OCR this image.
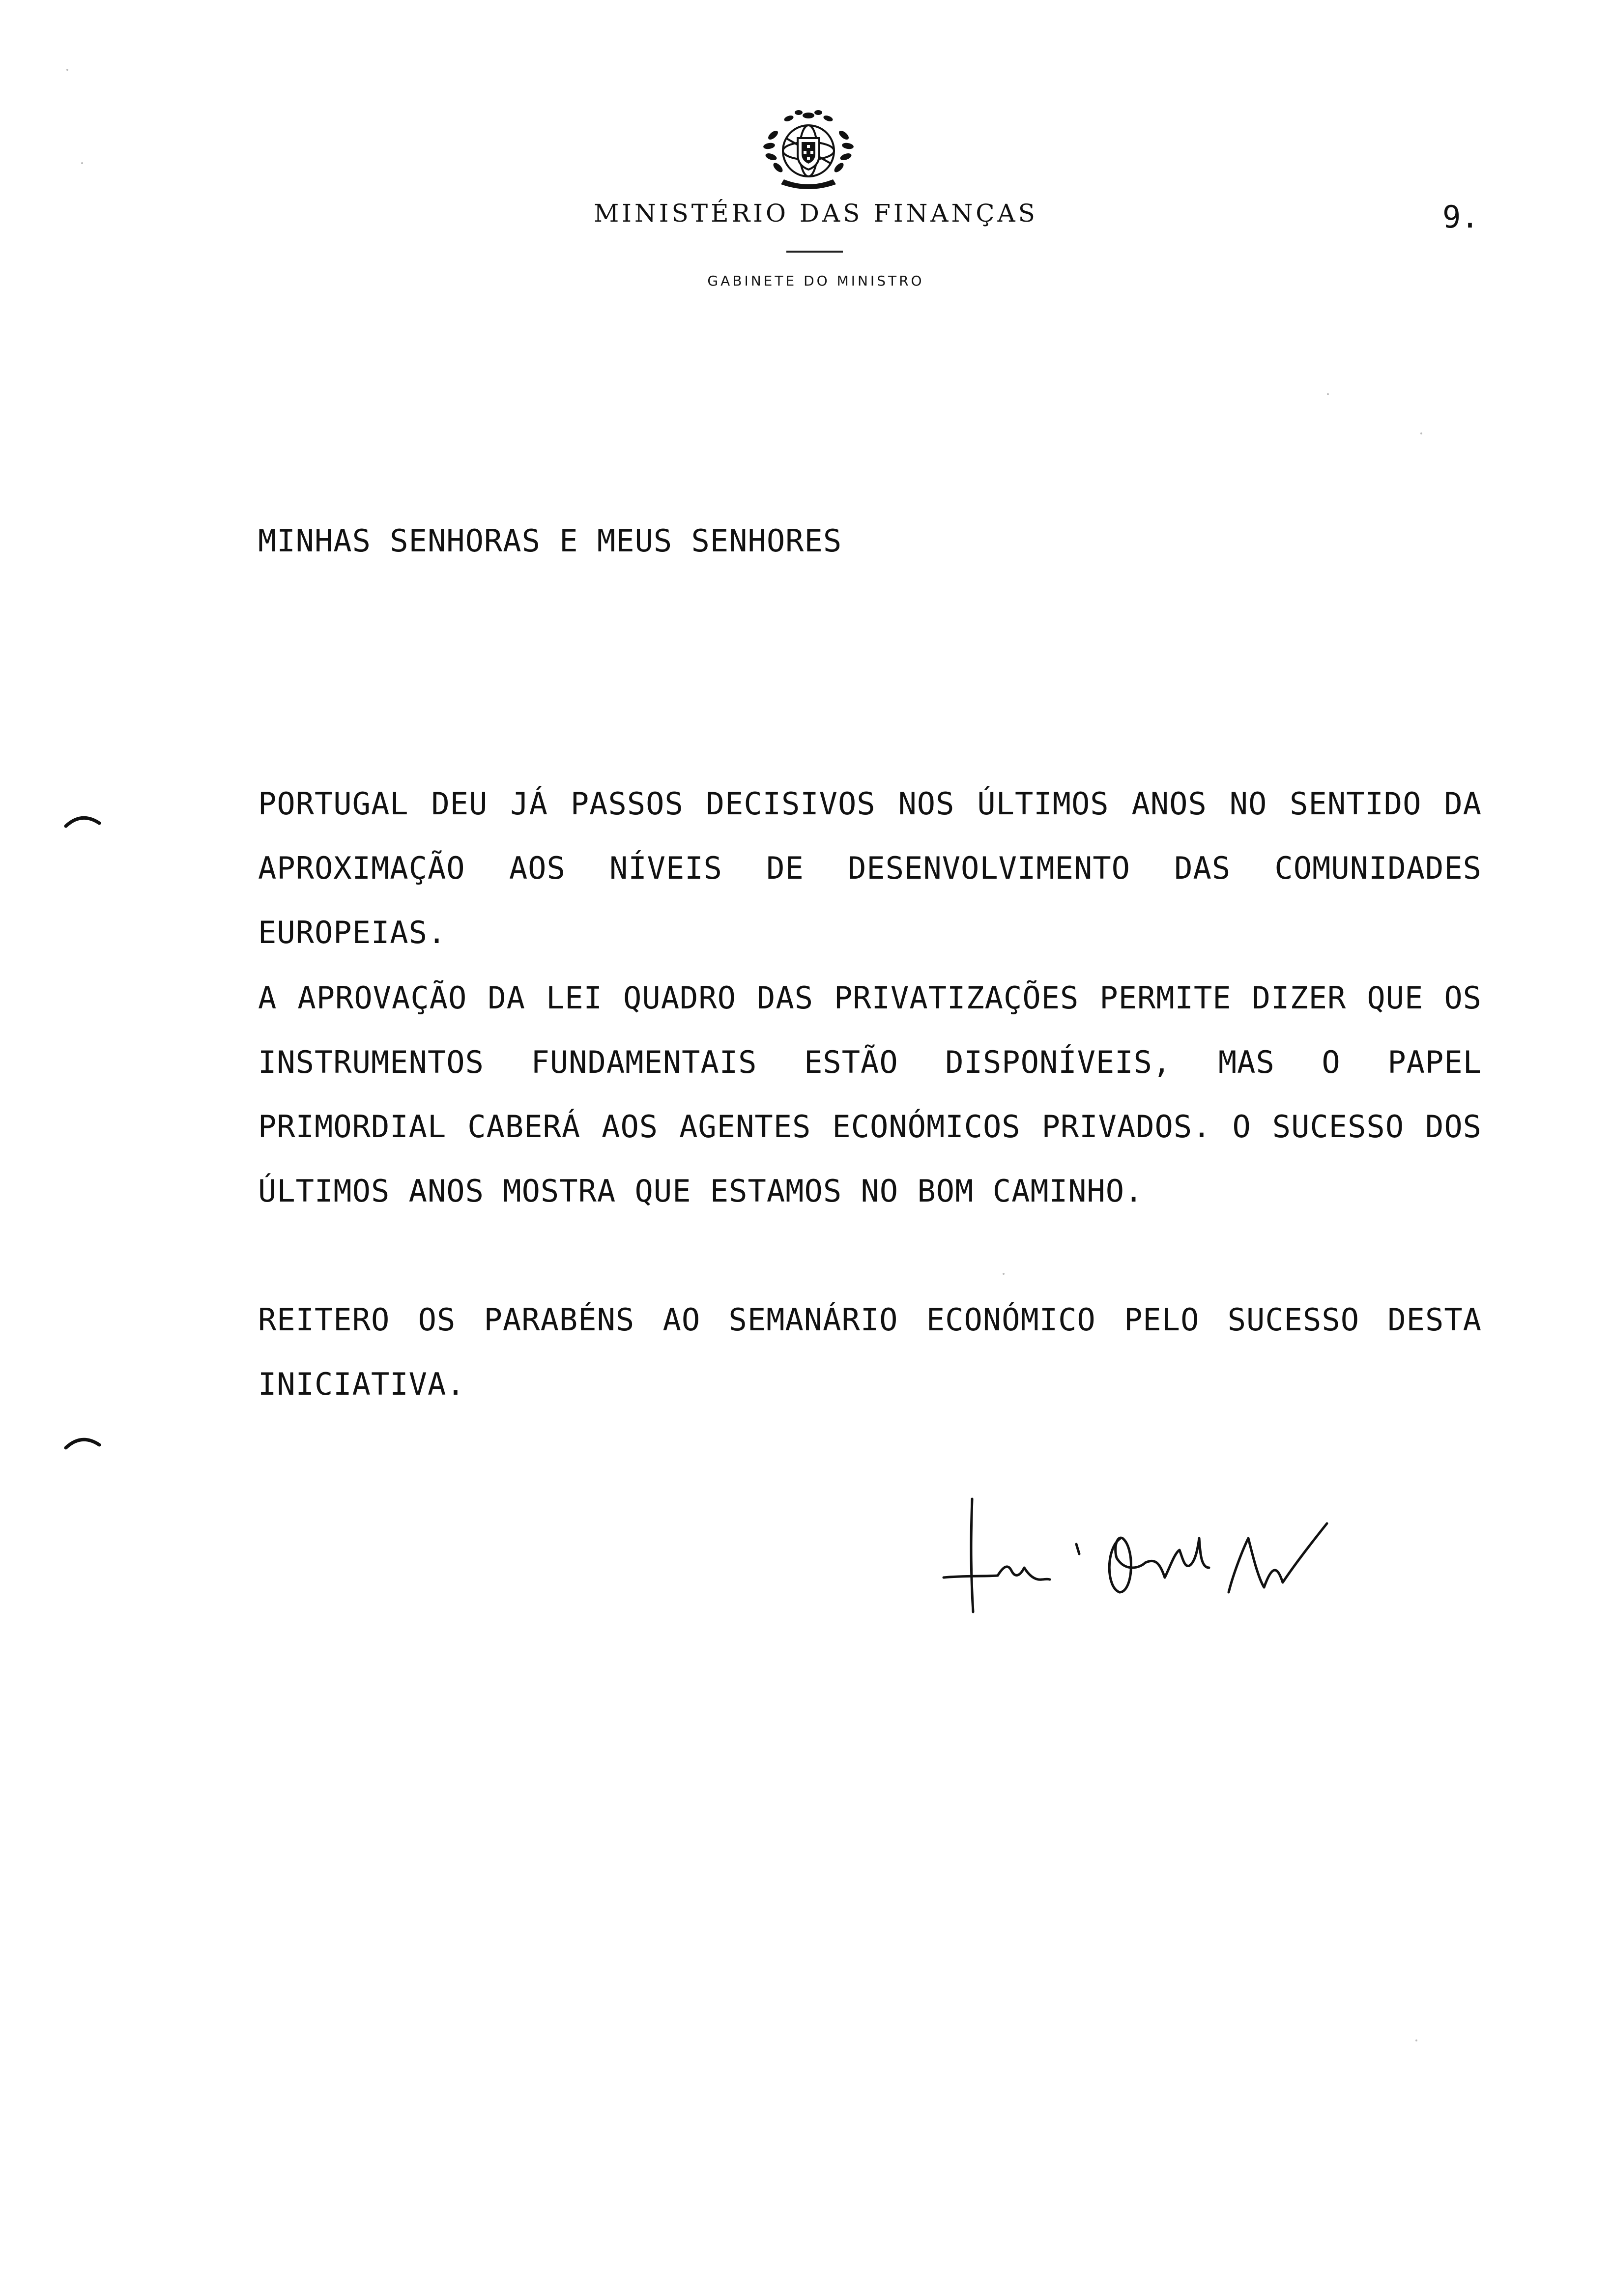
MINISTÉRIO DAS FINANÇAS
GABINETE DO MINISTRO
9.
MINHAS SENHORAS E MEUS SENHORES
PORTUGAL DEU JÁ PASSOS DECISIVOS NOS ÚLTIMOS ANOS NO SENTIDO DA APROXIMAÇÃO AOS NÍVEIS DE DESENVOLVIMENTO DAS COMUNIDADES EUROPEIAS.
A APROVAÇÃO DA LEI QUADRO DAS PRIVATIZAÇÕES PERMITE DIZER QUE OS INSTRUMENTOS FUNDAMENTAIS ESTÃO DISPONÍVEIS, MAS O PAPEL PRIMORDIAL CABERÁ AOS AGENTES ECONÓMICOS PRIVADOS. O SUCESSO DOS ÚLTIMOS ANOS MOSTRA QUE ESTAMOS NO BOM CAMINHO.
REITERO OS PARABÉNS AO SEMANÁRIO ECONÓMICO PELO SUCESSO DESTA INICIATIVA.
